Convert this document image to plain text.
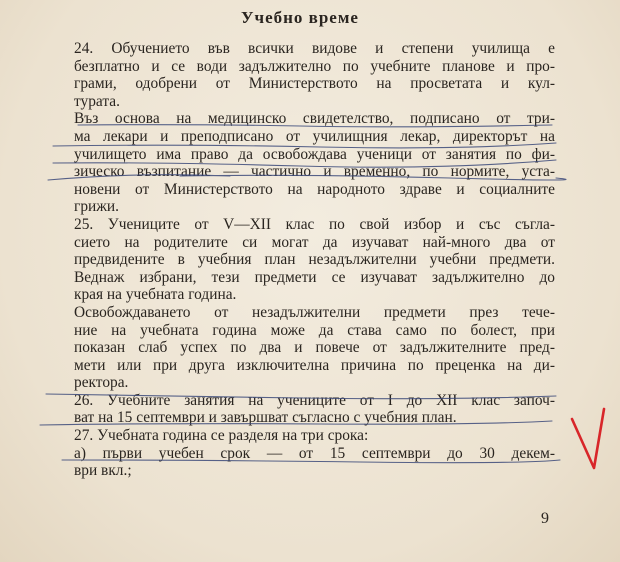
Учебно време
24. Обучението във всички видове и степени училища е
безплатно и се води задължително по учебните планове и про-
грами, одобрени от Министерството на просветата и кул-
турата.
Въз основа на медицинско свидетелство, подписано от три-
ма лекари и преподписано от училищния лекар, директорът на
училището има право да освобождава ученици от занятия по фи-
зическо възпитание — частично и временно, по нормите, уста-
новени от Министерството на народното здраве и социалните
грижи.
25. Учениците от V—XII клас по свой избор и със съгла-
сието на родителите си могат да изучават най-много два от
предвидените в учебния план незадължителни учебни предмети.
Веднаж избрани, тези предмети се изучават задължително до
края на учебната година.
Освобождаването от незадължителни предмети през тече-
ние на учебната година може да става само по болест, при
показан слаб успех по два и повече от задължителните пред-
мети или при друга изключителна причина по преценка на ди-
ректора.
26. Учебните занятия на учениците от I до XII клас започ-
ват на 15 септември и завършват съгласно с учебния план.
27. Учебната година се разделя на три срока:
а) първи учебен срок — от 15 септември до 30 декем-
ври вкл.;
9
